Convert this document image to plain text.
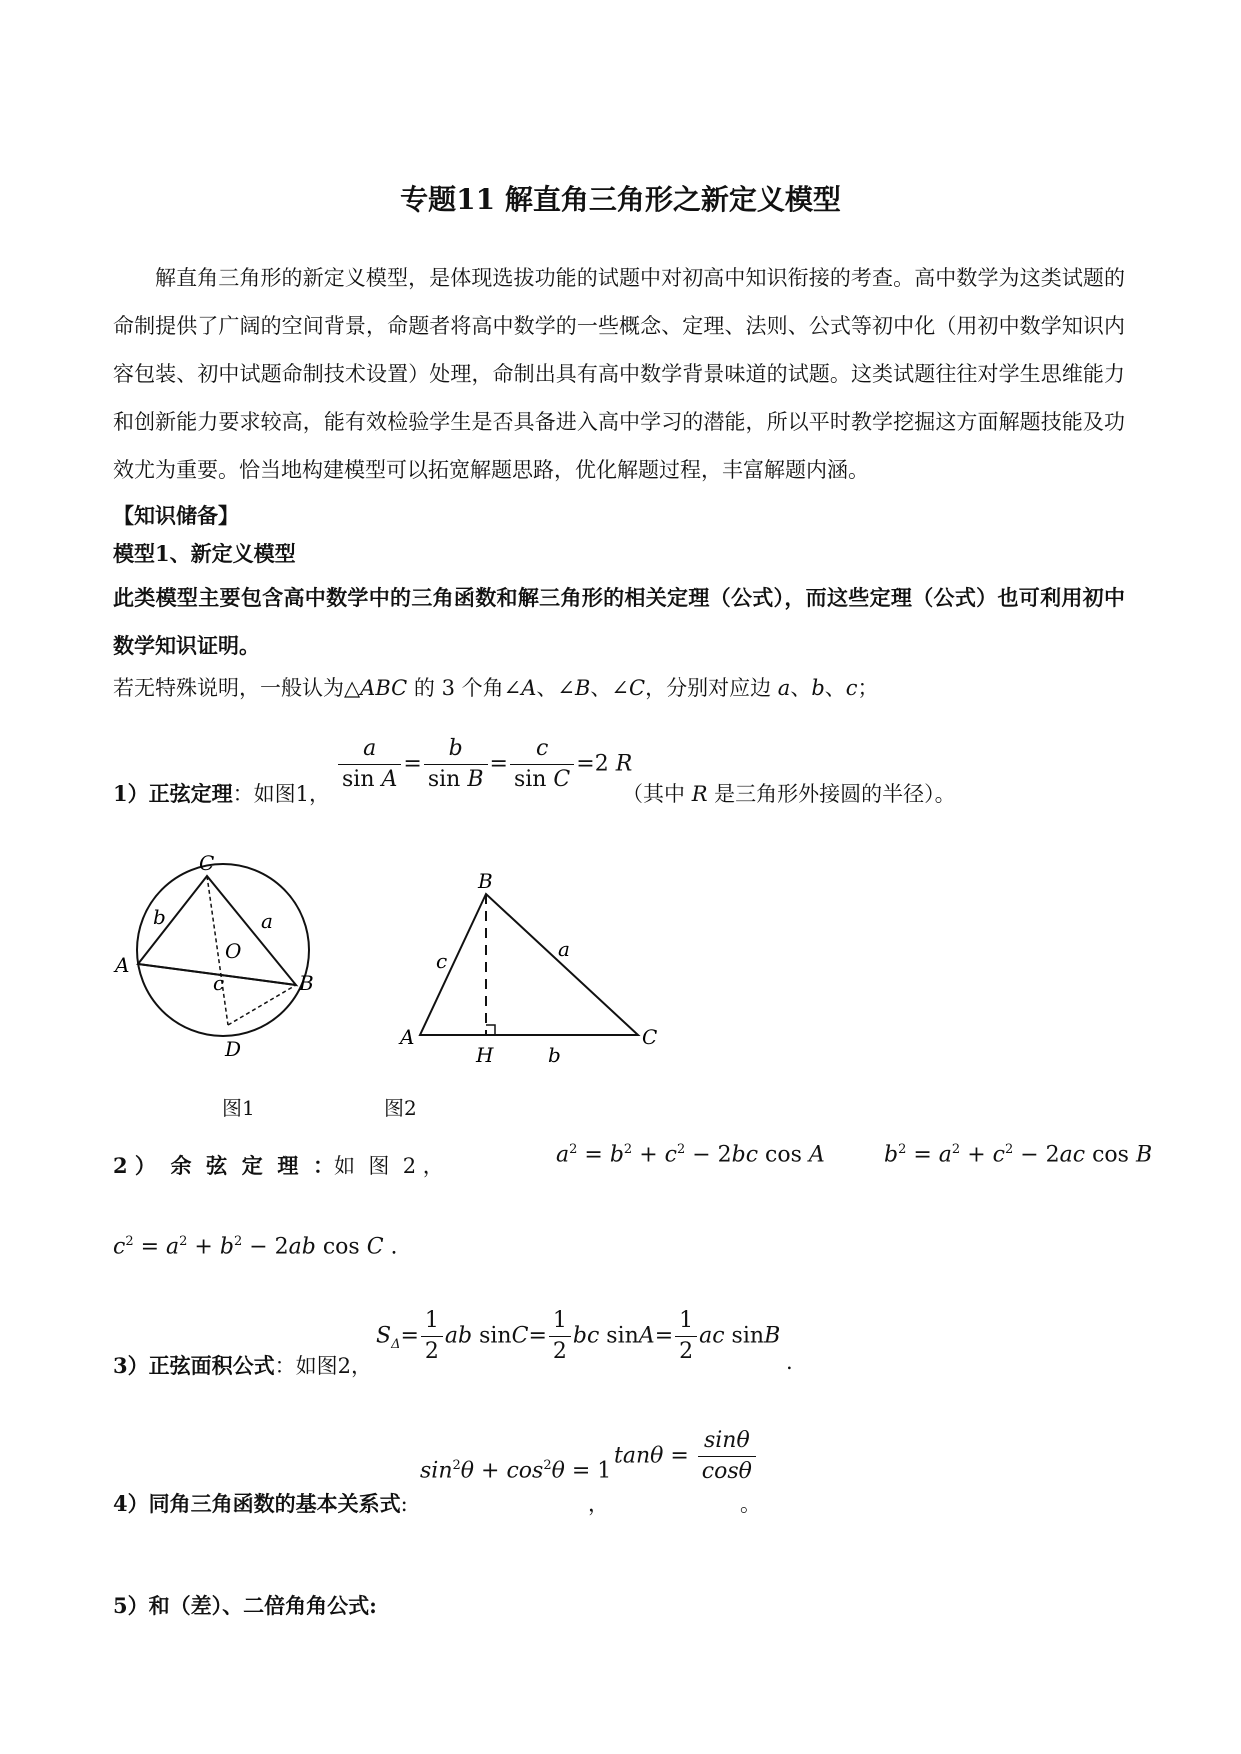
专题11 解直角三角形之新定义模型
解直角三角形的新定义模型，是体现选拔功能的试题中对初高中知识衔接的考查。高中数学为这类试题的命制提供了广阔的空间背景，命题者将高中数学的一些概念、定理、法则、公式等初中化（用初中数学知识内容包装、初中试题命制技术设置）处理，命制出具有高中数学背景味道的试题。这类试题往往对学生思维能力和创新能力要求较高，能有效检验学生是否具备进入高中学习的潜能，所以平时教学挖掘这方面解题技能及功效尤为重要。恰当地构建模型可以拓宽解题思路，优化解题过程，丰富解题内涵。
【知识储备】
模型1、新定义模型
此类模型主要包含高中数学中的三角函数和解三角形的相关定理（公式），而这些定理（公式）也可利用初中数学知识证明。
若无特殊说明，一般认为△ABC 的 3 个角∠A、∠B、∠C，分别对应边 a、b、c；
1）正弦定理：如图1， $\frac{a}{\text{sin A}} = \frac{b}{\text{sin B}} = \frac{c}{\text{sin C}} =2$ R
（其中 R 是三角形外接圆的半径）。
C
A
B
O
D
a
b
c
B
A	C
H
a
b
c
图1	图2
2 ）  余  弦  定  理  ：如  图  2 ，	$a^2 = b^2 + c^2 - 2bc$ cos A	$b^2 = a^2 + c^2 - 2ac$ cos B
$c^2 = a^2 + b^2 - 2ab$ cos C .
3）正弦面积公式：如图2，
$S_\Delta= \frac{1}{2}$ ab $\sin C= \frac{1}{2}$ bc $\sin A= \frac{1}{2}$ ac sinB
.
4）同角三角函数的基本关系式:
$\sin^2\theta + \cos^2\theta = 1$
，
$\tan\theta = \frac{\sin\theta}{\cos\theta}$
。
5）和（差）、二倍角角公式:
